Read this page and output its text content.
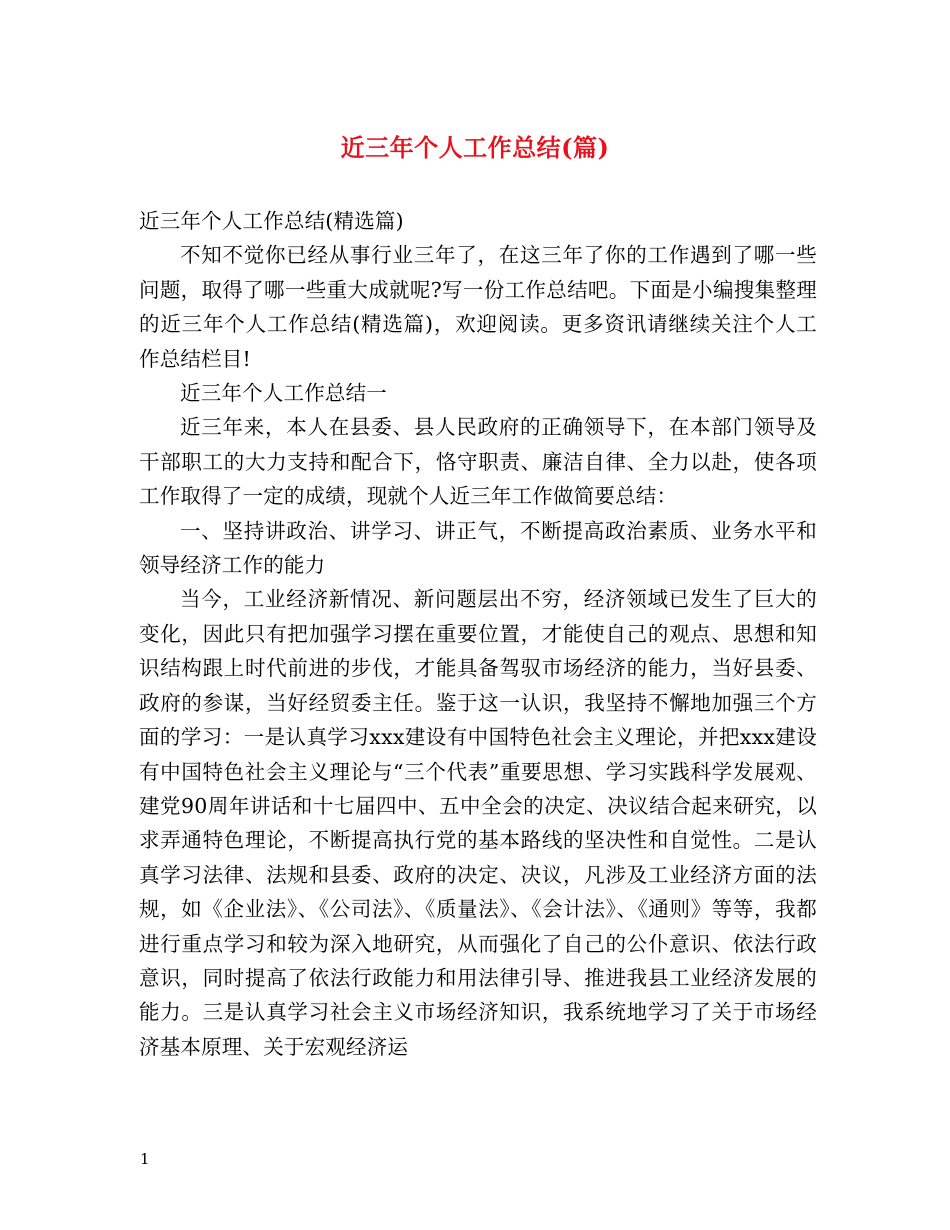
近三年个人工作总结(篇)

近三年个人工作总结(精选篇)

不知不觉你已经从事行业三年了，在这三年了你的工作遇到了哪一些问题，取得了哪一些重大成就呢?写一份工作总结吧。下面是小编搜集整理的近三年个人工作总结(精选篇)，欢迎阅读。更多资讯请继续关注个人工作总结栏目!

近三年个人工作总结一

近三年来，本人在县委、县人民政府的正确领导下，在本部门领导及干部职工的大力支持和配合下，恪守职责、廉洁自律、全力以赴，使各项工作取得了一定的成绩，现就个人近三年工作做简要总结：

一、坚持讲政治、讲学习、讲正气，不断提高政治素质、业务水平和领导经济工作的能力

当今，工业经济新情况、新问题层出不穷，经济领域已发生了巨大的变化，因此只有把加强学习摆在重要位置，才能使自己的观点、思想和知识结构跟上时代前进的步伐，才能具备驾驭市场经济的能力，当好县委、政府的参谋，当好经贸委主任。鉴于这一认识，我坚持不懈地加强三个方面的学习：一是认真学习xxx建设有中国特色社会主义理论，并把xxx建设有中国特色社会主义理论与“三个代表”重要思想、学习实践科学发展观、建党90周年讲话和十七届四中、五中全会的决定、决议结合起来研究，以求弄通特色理论，不断提高执行党的基本路线的坚决性和自觉性。二是认真学习法律、法规和县委、政府的决定、决议，凡涉及工业经济方面的法规，如《企业法》、《公司法》、《质量法》、《会计法》、《通则》等等，我都进行重点学习和较为深入地研究，从而强化了自己的公仆意识、依法行政意识，同时提高了依法行政能力和用法律引导、推进我县工业经济发展的能力。三是认真学习社会主义市场经济知识，我系统地学习了关于市场经济基本原理、关于宏观经济运

1
